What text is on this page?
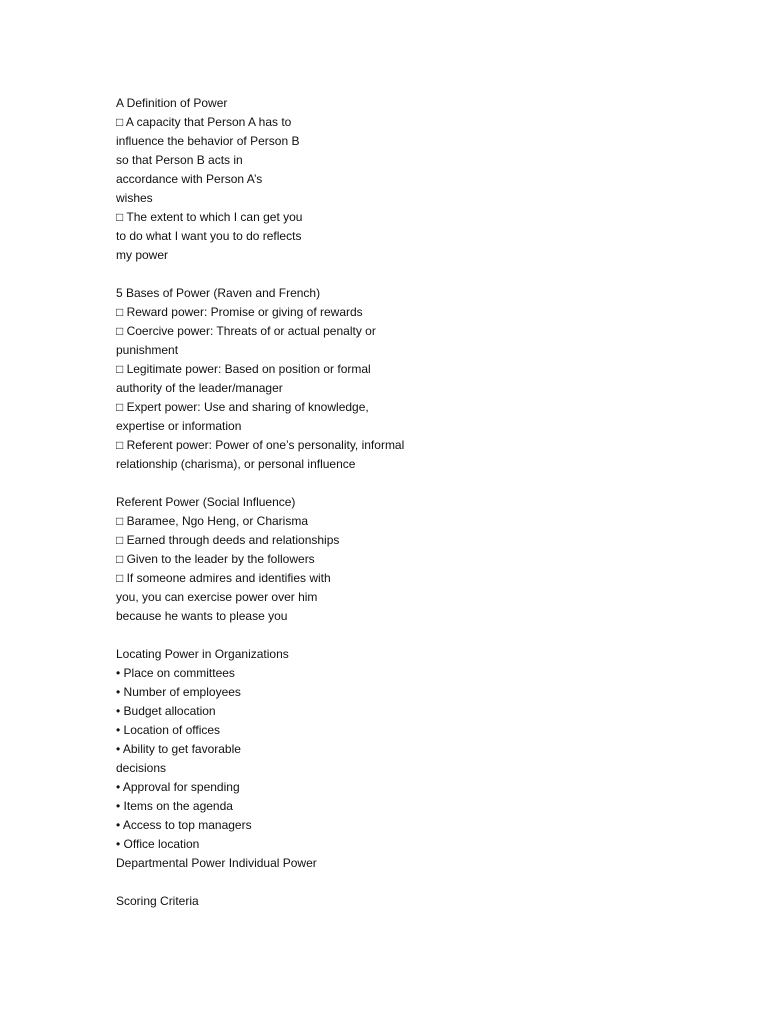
A Definition of Power

□ A capacity that Person A has to

influence the behavior of Person B

so that Person B acts in

accordance with Person A’s

wishes

□ The extent to which I can get you

to do what I want you to do reflects

my power

5 Bases of Power (Raven and French)

□ Reward power: Promise or giving of rewards

□ Coercive power: Threats of or actual penalty or

punishment

□ Legitimate power: Based on position or formal

authority of the leader/manager

□ Expert power: Use and sharing of knowledge,

expertise or information

□ Referent power: Power of one’s personality, informal

relationship (charisma), or personal influence

Referent Power (Social Influence)

□ Baramee, Ngo Heng, or Charisma

□ Earned through deeds and relationships

□ Given to the leader by the followers

□ If someone admires and identifies with

you, you can exercise power over him

because he wants to please you

Locating Power in Organizations

• Place on committees

• Number of employees

• Budget allocation

• Location of offices

• Ability to get favorable

decisions

• Approval for spending

• Items on the agenda

• Access to top managers

• Office location

Departmental Power Individual Power

Scoring Criteria
